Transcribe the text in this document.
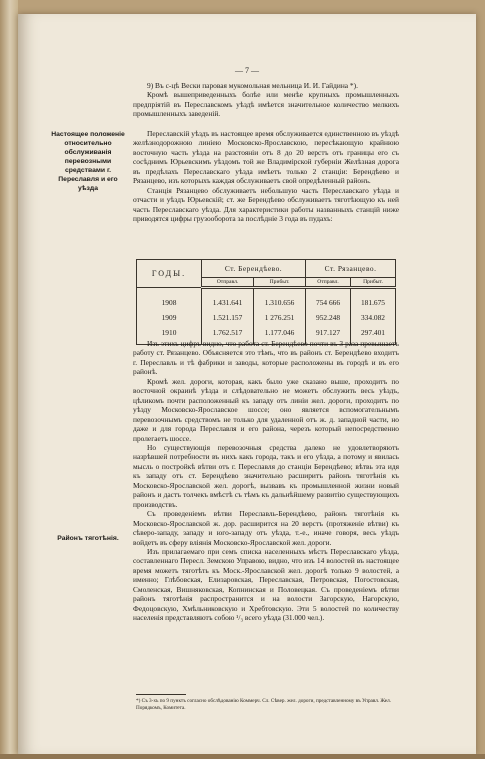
— 7 —

9) Въ с-цѣ Вески паровая мукомольная мельница И. И. Гайдина *).

Кромѣ вышеприведенныхъ болѣе или менѣе крупныхъ промышленныхъ предпріятій въ Переславскомъ уѣздѣ имѣется значительное количество мелкихъ промышленныхъ заведеній.

Настоящее положеніе относительно обслуживанія перевозными средствами г. Переславля и его уѣзда

Переславскій уѣздъ въ настоящее время обслуживается единственною въ уѣздѣ желѣзнодорожною линіею Московско-Ярославскою, пересѣкающую крайнюю восточную часть уѣзда на разстояніи отъ 8 до 20 верстъ отъ границы его съ сосѣднимъ Юрьевскимъ уѣздомъ той же Владимірской губерніи Желѣзная дорога въ предѣлахъ Переславскаго уѣзда имѣетъ только 2 станціи: Берендѣево и Рязанцево, изъ которыхъ каждая обслуживаетъ свой опредѣленный районъ.

Станція Рязанцево обслуживаетъ небольшую часть Переславскаго уѣзда и отчасти и уѣздъ Юрьевскій; ст. же Берендѣево обслуживаетъ тяготѣющую къ ней часть Переславскаго уѣзда. Для характеристики работы названныхъ станцій ниже приводятся цифры грузооборота за послѣдніе 3 года въ пудахъ:

ГОДЫ.	Ст. Берендѣево.		Ст. Рязанцево.	
	Отправл.	Прибыт.	Отправл.	Прибыт.
1908	1.431.641	1.310.656	754 666	181.675
1909	1.521.157	1 276.251	952.248	334.082
1910	1.762.517	1.177.046	917.127	297.401

Изъ этихъ цифръ видно, что работа ст. Берендѣево почти въ 3 раза превышаетъ работу ст. Рязанцево. Объясняется это тѣмъ, что въ районъ ст. Берендѣево входитъ г. Переславль и тѣ фабрики и заводы, которые расположены въ городѣ и въ его районѣ.

Кромѣ жел. дороги, которая, какъ было уже сказано выше, проходитъ по восточной окраинѣ уѣзда и слѣдовательно не можетъ обслужить весь уѣздъ, цѣликомъ почти расположенный къ западу отъ линіи жел. дороги, проходитъ по уѣзду Московско-Ярославское шоссе; оно является вспомогательнымъ перевозочнымъ средствомъ не только для удаленной отъ ж. д. западной части, но даже и для города Переславля и его района, черезъ который непосредственно пролегаетъ шоссе.

Но существующія перевозочныя средства далеко не удовлетворяютъ назрѣвшей потребности въ нихъ какъ города, такъ и его уѣзда, а потому и явилась мысль о постройкѣ вѣтви отъ г. Переславля до станціи Берендѣево; вѣтвь эта идя къ западу отъ ст. Берендѣево значительно расширитъ районъ тяготѣнія къ Московско-Ярославской жел. дорогѣ, вызвавъ къ промышленной жизни новый районъ и дастъ толчекъ вмѣстѣ съ тѣмъ къ дальнѣйшему развитію существующихъ производствъ.

Съ проведеніемъ вѣтви Переславль-Берендѣево, районъ тяготѣнія къ Московско-Ярославской ж. дор. расширится на 20 верстъ (протяженіе вѣтви) къ сѣверо-западу, западу и юго-западу отъ уѣзда, т.-е., иначе говоря, весь уѣздъ войдетъ въ сферу вліянія Московско-Ярославской жел. дороги.

Изъ прилагаемаго при семъ списка населенныхъ мѣстъ Переславскаго уѣзда, составленнаго Пересл. Земскою Управою, видно, что изъ 14 волостей въ настоящее время можетъ тяготѣть къ Моск.-Ярославской жел. дорогѣ только 9 волостей, а именно; Глѣбовская, Елизаровская, Переславская, Петровская, Погостовская, Смоленская, Вишняковская, Копнинская и Половецкая. Съ проведеніемъ вѣтви районъ тяготѣнія распространится и на волости Загорскую, Нагорскую, Федоцовскую, Хмѣльниковскую и Хребтовскую. Эти 5 волостей по количеству населенія представляютъ собою ¹/₃ всего уѣзда (31.000 чел.).

Районъ тяготѣнія.
*) Съ 3-хъ по 9 пунктъ согласно обслѣдованію Коммерч. Сл. Сѣвер. жел. дороги, представленному въ Управл. Жел. Порядкомъ, Комитета.
